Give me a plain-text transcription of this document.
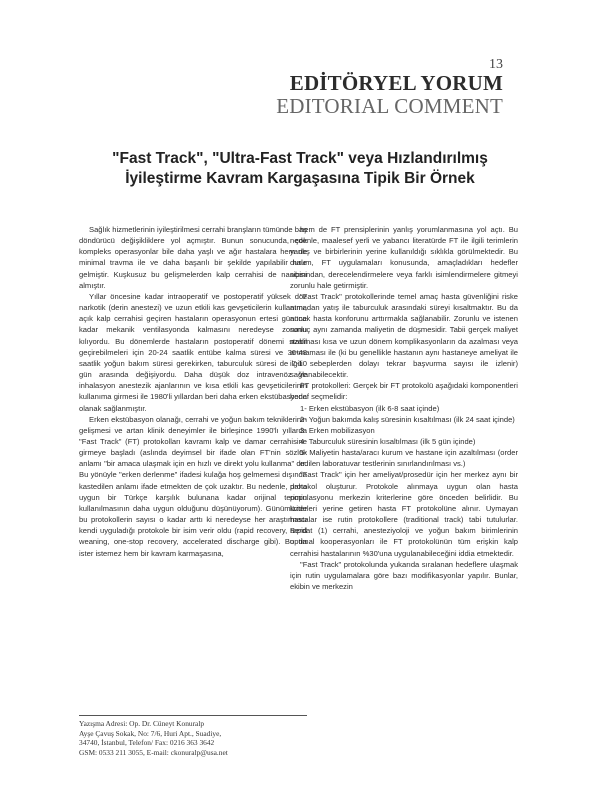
13
EDİTÖRYEL YORUM
EDITORIAL COMMENT
"Fast Track", "Ultra-Fast Track" veya Hızlandırılmış
İyileştirme Kavram Kargaşasına Tipik Bir Örnek

Sağlık hizmetlerinin iyileştirilmesi cerrahi branşların tümünde baş döndürücü değişikliklere yol açmıştır. Bunun sonucunda, çok kompleks operasyonlar bile daha yaşlı ve ağır hastalara hem de minimal travma ile ve daha başarılı bir şekilde yapılabilir hale gelmiştir. Kuşkusuz bu gelişmelerden kalp cerrahisi de nasibini almıştır.

Yıllar öncesine kadar intraoperatif ve postoperatif yüksek doz narkotik (derin anestezi) ve uzun etkili kas gevşeticilerin kullanımı, açık kalp cerrahisi geçiren hastaların operasyonun ertesi gününe kadar mekanik ventilasyonda kalmasını neredeyse zorunlu kılıyordu. Bu dönemlerde hastaların postoperatif dönemi stabil geçirebilmeleri için 20-24 saatlik entübe kalma süresi ve 36-48 saatlik yoğun bakım süresi gerekirken, taburculuk süresi de 7-10 gün arasında değişiyordu. Daha düşük doz intravenöz ve inhalasyon anestezik ajanlarının ve kısa etkili kas gevşeticilerinin kullanıma girmesi ile 1980'li yıllardan beri daha erken ekstübasyona olanak sağlanmıştır.

Erken ekstübasyon olanağı, cerrahi ve yoğun bakım tekniklerinin gelişmesi ve artan klinik deneyimler ile birleşince 1990'lı yıllarda "Fast Track" (FT) protokolları kavramı kalp ve damar cerrahisine girmeye başladı (aslında deyimsel bir ifade olan FT'nin sözlük anlamı "bir amaca ulaşmak için en hızlı ve direkt yolu kullanma" dır. Bu yönüyle "erken derlenme" ifadesi kulağa hoş gelmemesi dışında kastedilen anlamı ifade etmekten de çok uzaktır. Bu nedenle, daha uygun bir Türkçe karşılık bulunana kadar orijinal terimin kullanılmasının daha uygun olduğunu düşünüyorum). Günümüzde bu protokollerin sayısı o kadar arttı ki neredeyse her araştırmacı kendi uyguladığı protokole bir isim verir oldu (rapid recovery, rapid weaning, one-stop recovery, accelerated discharge gibi). Bu da ister istemez hem bir kavram karmaşasına,

Yazışma Adresi: Op. Dr. Cüneyt Konuralp
Ayşe Çavuş Sokak, No: 7/6, Huri Apt., Suadiye,
34740, İstanbul, Telefon/ Fax: 0216 363 3642
GSM: 0533 211 3055, E-mail: ckonuralp@usa.net

hem de FT prensiplerinin yanlış yorumlanmasına yol açtı. Bu nedenle, maalesef yerli ve yabancı literatürde FT ile ilgili terimlerin yanlış ve birbirlerinin yerine kullanıldığı sıklıkla görülmektedir. Bu durum, FT uygulamaları konusunda, amaçladıkları hedefler açısından, derecelendirmelere veya farklı isimlendirmelere gitmeyi zorunlu hale getirmiştir.

"Fast Track" protokollerinde temel amaç hasta güvenliğini riske atmadan yatış ile taburculuk arasındaki süreyi kısaltmaktır. Bu da ancak hasta konforunu arttırmakla sağlanabilir. Zorunlu ve istenen sonuç aynı zamanda maliyetin de düşmesidir. Tabii gerçek maliyet azalması kısa ve uzun dönem komplikasyonların da azalması veya artmaması ile (ki bu genellikle hastanın aynı hastaneye ameliyat ile ilgili sebeplerden dolayı tekrar başvurma sayısı ile izlenir) sağlanabilecektir.

FT protokolleri: Gerçek bir FT protokolü aşağıdaki komponentleri hedef seçmelidir:

1- Erken ekstübasyon (ilk 6-8 saat içinde)

2- Yoğun bakımda kalış süresinin kısaltılması (ilk 24 saat içinde)

3- Erken mobilizasyon

4- Taburculuk süresinin kısaltılması (ilk 5 gün içinde)

5- Maliyetin hasta/aracı kurum ve hastane için azaltılması (order edilen laboratuvar testlerinin sınırlandırılması vs.)

"Fast Track" için her ameliyat/prosedür için her merkez aynı bir protokol oluşturur. Protokole alınmaya uygun olan hasta populasyonu merkezin kriterlerine göre önceden belirlidir. Bu kriterleri yerine getiren hasta FT protokolüne alınır. Uymayan hastalar ise rutin protokollere (traditional track) tabi tutulurlar. Berdat (1) cerrahi, anesteziyoloji ve yoğun bakım birimlerinin optimal kooperasyonları ile FT protokolünün tüm erişkin kalp cerrahisi hastalarının %30'una uygulanabileceğini iddia etmektedir.

"Fast Track" protokolunda yukarıda sıralanan hedeflere ulaşmak için rutin uygulamalara göre bazı modifikasyonlar yapılır. Bunlar, ekibin ve merkezin
